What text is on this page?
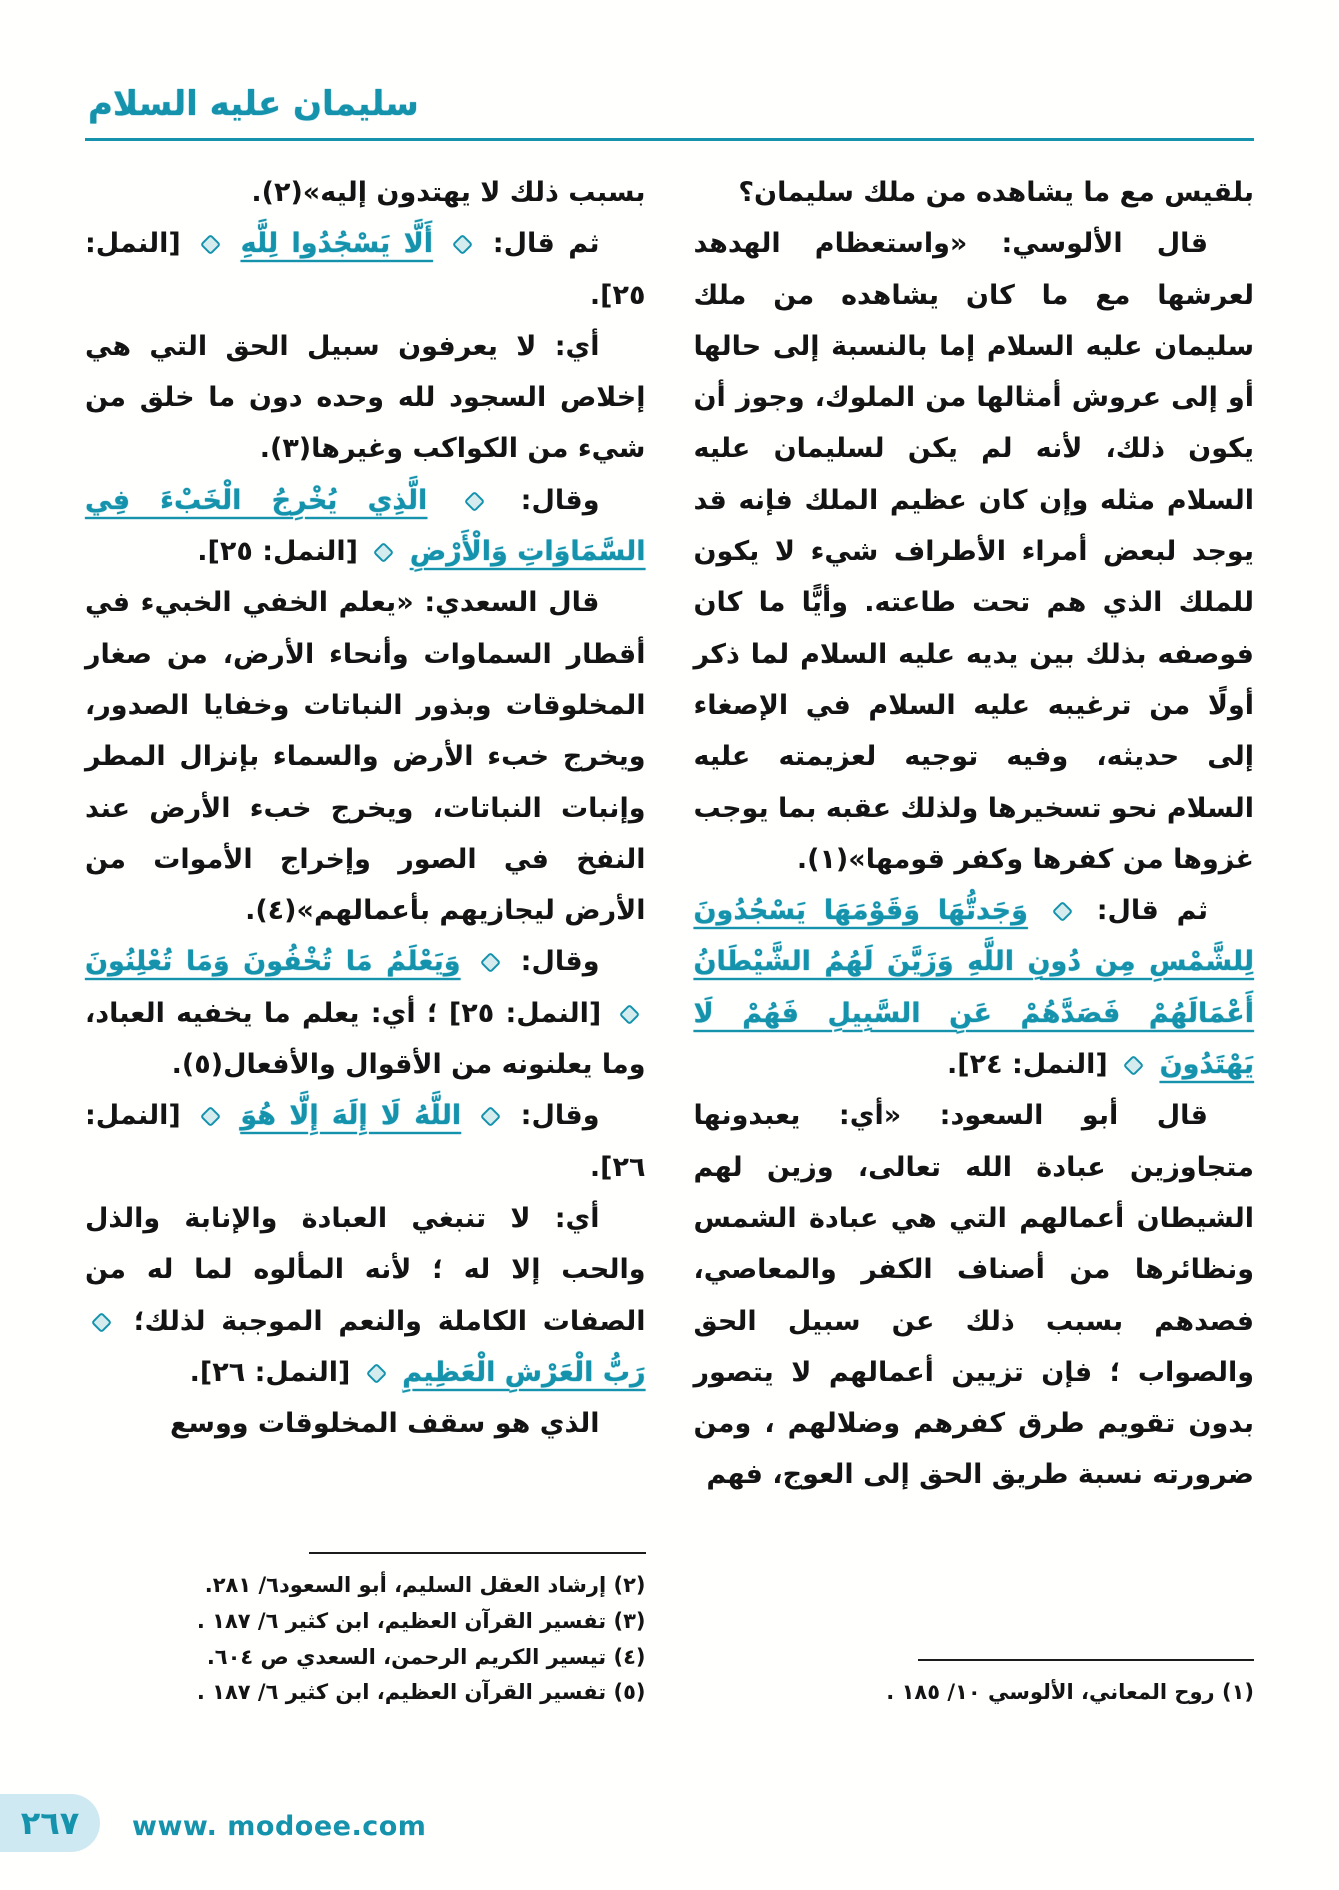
سليمان عليه السلام

بلقيس مع ما يشاهده من ملك سليمان؟

قال الألوسي: «واستعظام الهدهد لعرشها مع ما كان يشاهده من ملك سليمان عليه السلام إما بالنسبة إلى حالها أو إلى عروش أمثالها من الملوك، وجوز أن يكون ذلك، لأنه لم يكن لسليمان عليه السلام مثله وإن كان عظيم الملك فإنه قد يوجد لبعض أمراء الأطراف شيء لا يكون للملك الذي هم تحت طاعته. وأيًّا ما كان فوصفه بذلك بين يديه عليه السلام لما ذكر أولًا من ترغيبه عليه السلام في الإصغاء إلى حديثه، وفيه توجيه لعزيمته عليه السلام نحو تسخيرها ولذلك عقبه بما يوجب غزوها من كفرها وكفر قومها»(١).

ثم قال:  وَجَدتُّهَا وَقَوْمَهَا يَسْجُدُونَ لِلشَّمْسِ مِن دُونِ اللَّهِ وَزَيَّنَ لَهُمُ الشَّيْطَانُ أَعْمَالَهُمْ فَصَدَّهُمْ عَنِ السَّبِيلِ فَهُمْ لَا يَهْتَدُونَ  [النمل: ٢٤].

قال أبو السعود: «أي: يعبدونها متجاوزين عبادة الله تعالى، وزين لهم الشيطان أعمالهم التي هي عبادة الشمس ونظائرها من أصناف الكفر والمعاصي، فصدهم بسبب ذلك عن سبيل الحق والصواب ؛ فإن تزيين أعمالهم لا يتصور بدون تقويم طرق كفرهم وضلالهم ، ومن ضرورته نسبة طريق الحق إلى العوج، فهم

(١) روح المعاني، الألوسي ١٠/ ١٨٥ .

بسبب ذلك لا يهتدون إليه»(٢).

ثم قال:  أَلَّا يَسْجُدُوا لِلَّهِ  [النمل: ٢٥].

أي: لا يعرفون سبيل الحق التي هي إخلاص السجود لله وحده دون ما خلق من شيء من الكواكب وغيرها(٣).

وقال:  الَّذِي يُخْرِجُ الْخَبْءَ فِي السَّمَاوَاتِ وَالْأَرْضِ  [النمل: ٢٥].

قال السعدي: «يعلم الخفي الخبيء في أقطار السماوات وأنحاء الأرض، من صغار المخلوقات وبذور النباتات وخفايا الصدور، ويخرج خبء الأرض والسماء بإنزال المطر وإنبات النباتات، ويخرج خبء الأرض عند النفخ في الصور وإخراج الأموات من الأرض ليجازيهم بأعمالهم»(٤).

وقال:  وَيَعْلَمُ مَا تُخْفُونَ وَمَا تُعْلِنُونَ  [النمل: ٢٥] ؛ أي: يعلم ما يخفيه العباد، وما يعلنونه من الأقوال والأفعال(٥).

وقال:  اللَّهُ لَا إِلَهَ إِلَّا هُوَ  [النمل: ٢٦].

أي: لا تنبغي العبادة والإنابة والذل والحب إلا له ؛ لأنه المألوه لما له من الصفات الكاملة والنعم الموجبة لذلك؛  رَبُّ الْعَرْشِ الْعَظِيمِ  [النمل: ٢٦].

الذي هو سقف المخلوقات ووسع

(٢) إرشاد العقل السليم، أبو السعود٦/ ٢٨١.

(٣) تفسير القرآن العظيم، ابن كثير ٦/ ١٨٧ .

(٤) تيسير الكريم الرحمن، السعدي ص ٦٠٤.

(٥) تفسير القرآن العظيم، ابن كثير ٦/ ١٨٧ .

٢٦٧ www. modoee.com
